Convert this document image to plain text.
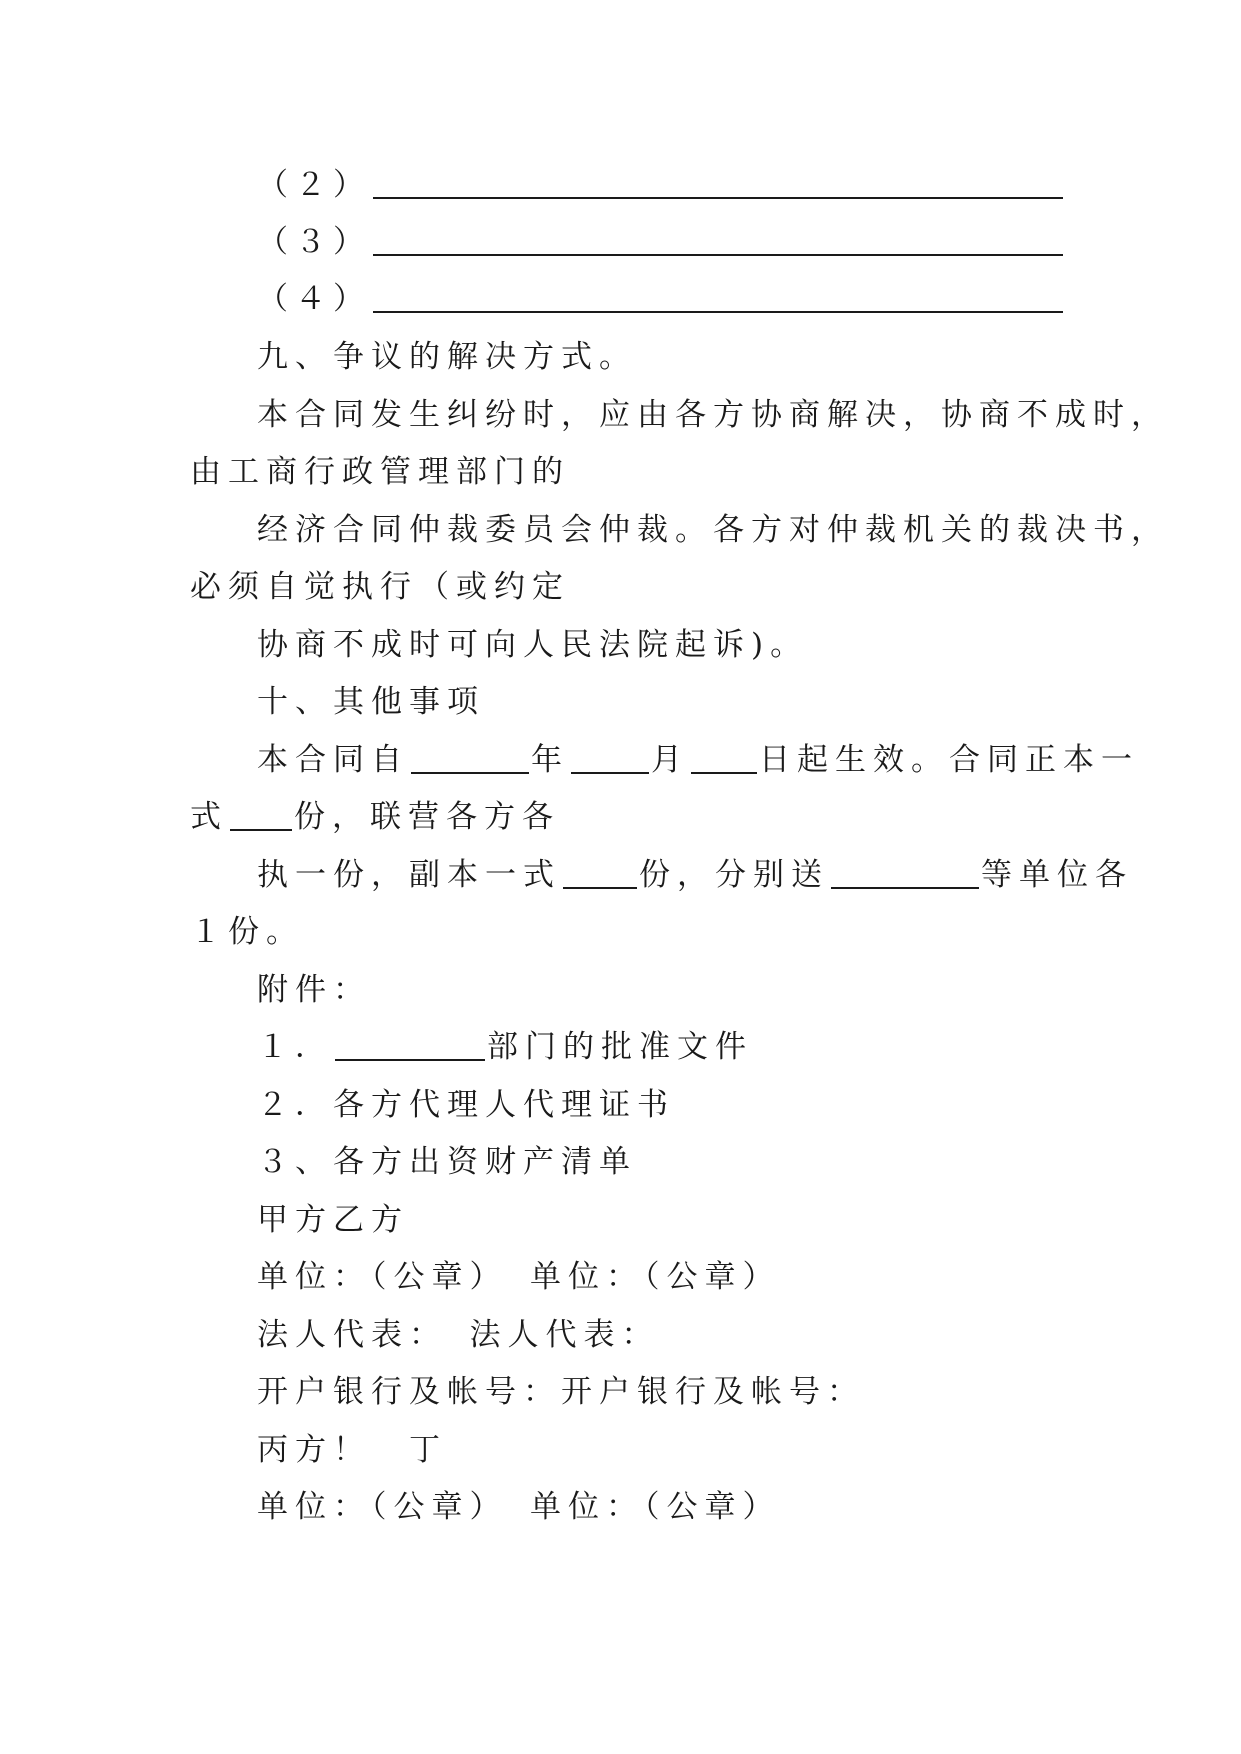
（２）
（３）
（４）
九、争议的解决方式。
本合同发生纠纷时，应由各方协商解决，协商不成时，
由工商行政管理部门的
经济合同仲裁委员会仲裁。各方对仲裁机关的裁决书，
必须自觉执行（或约定
协商不成时可向人民法院起诉)。
十、其他事项
本合同自	年	月 日起生效。合同正本一
式 份，联营各方各
执一份，副本一式	份，分别送	等单位各
１份。
附件：
１．	部门的批准文件
２．各方代理人代理证书
３、各方出资财产清单
甲方乙方
单位：（公章）　单位：（公章）
法人代表：　法人代表：
开户银行及帐号：开户银行及帐号：
丙方！　丁
单位：（公章）　单位：（公章）
